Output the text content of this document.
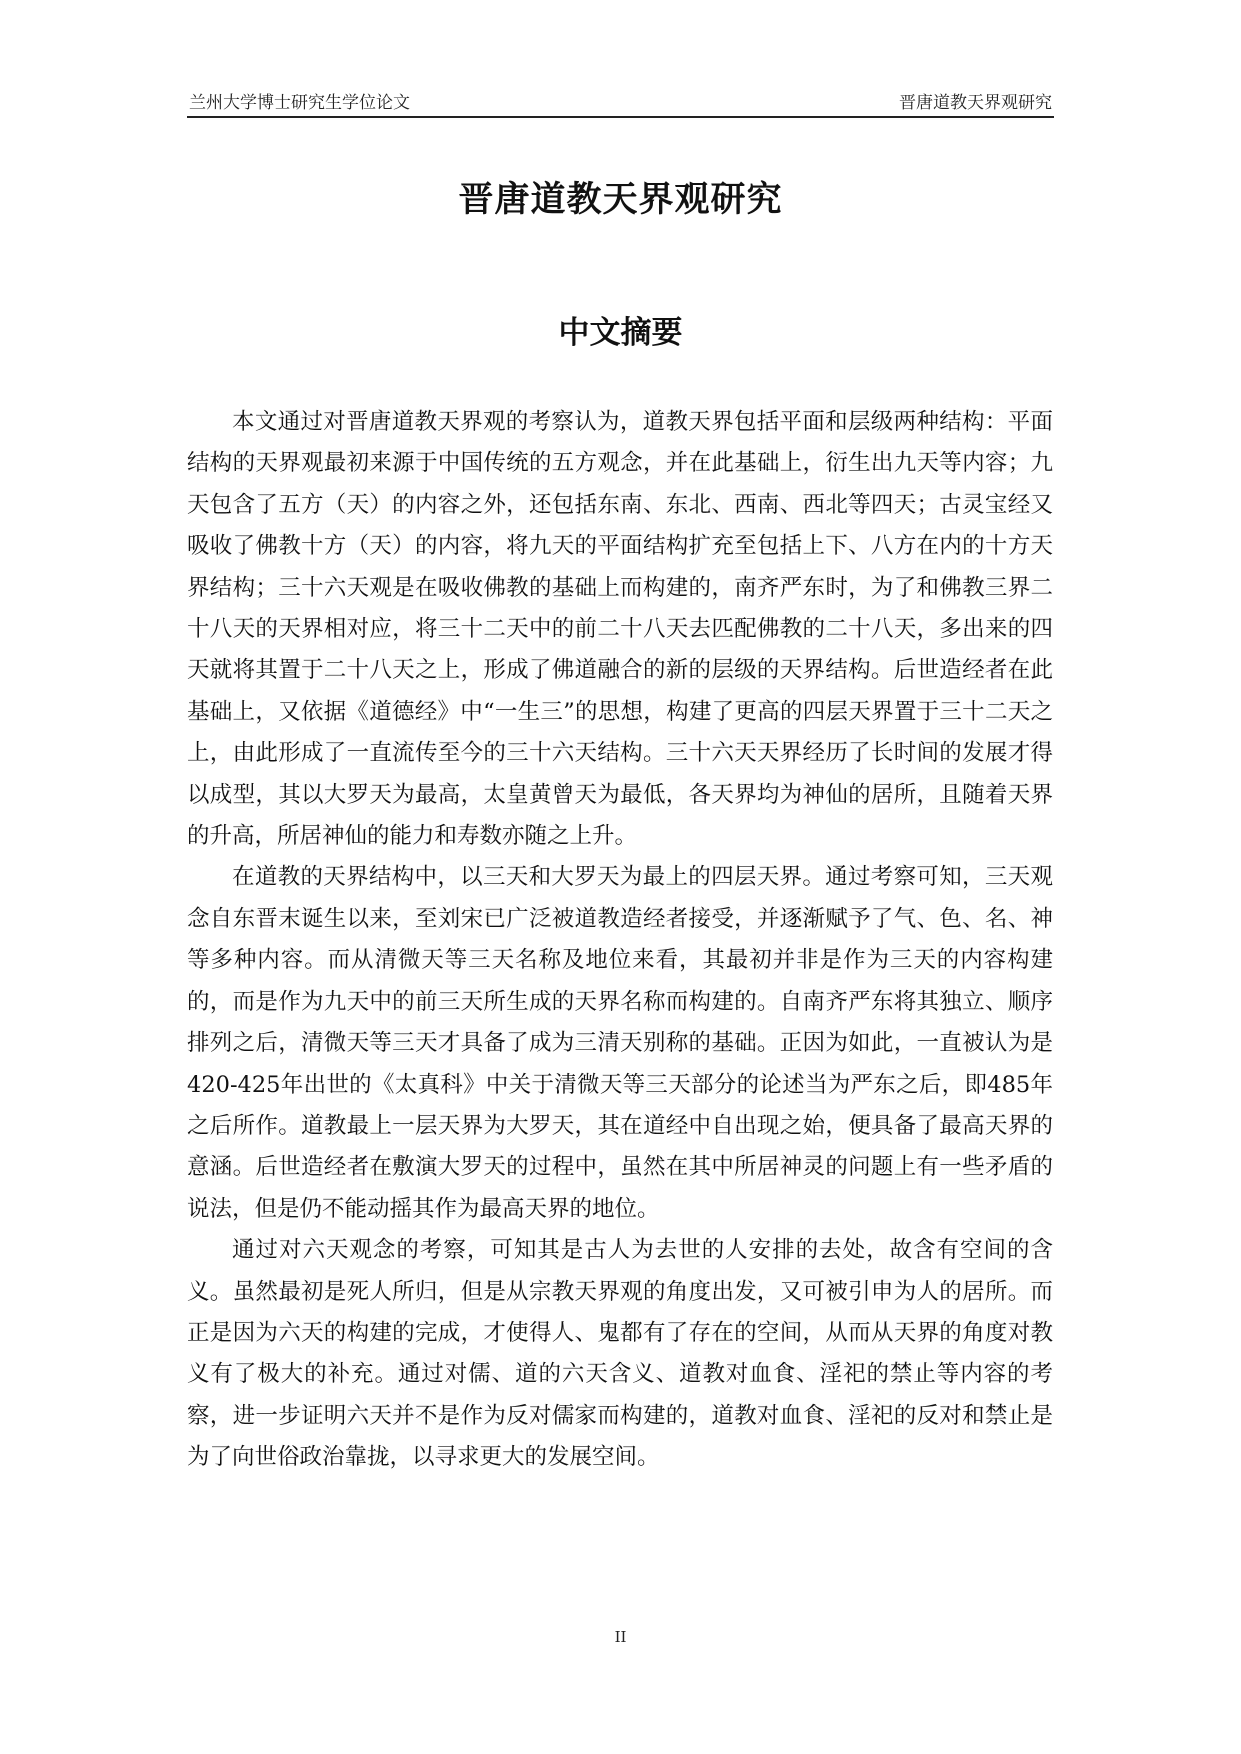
兰州大学博士研究生学位论文	晋唐道教天界观研究
晋唐道教天界观研究
中文摘要

本文通过对晋唐道教天界观的考察认为，道教天界包括平面和层级两种结构：平面结构的天界观最初来源于中国传统的五方观念，并在此基础上，衍生出九天等内容；九天包含了五方（天）的内容之外，还包括东南、东北、西南、西北等四天；古灵宝经又吸收了佛教十方（天）的内容，将九天的平面结构扩充至包括上下、八方在内的十方天界结构；三十六天观是在吸收佛教的基础上而构建的，南齐严东时，为了和佛教三界二十八天的天界相对应，将三十二天中的前二十八天去匹配佛教的二十八天，多出来的四天就将其置于二十八天之上，形成了佛道融合的新的层级的天界结构。后世造经者在此基础上，又依据《道德经》中“一生三”的思想，构建了更高的四层天界置于三十二天之上，由此形成了一直流传至今的三十六天结构。三十六天天界经历了长时间的发展才得以成型，其以大罗天为最高，太皇黄曾天为最低，各天界均为神仙的居所，且随着天界的升高，所居神仙的能力和寿数亦随之上升。

在道教的天界结构中，以三天和大罗天为最上的四层天界。通过考察可知，三天观念自东晋末诞生以来，至刘宋已广泛被道教造经者接受，并逐渐赋予了气、色、名、神等多种内容。而从清微天等三天名称及地位来看，其最初并非是作为三天的内容构建的，而是作为九天中的前三天所生成的天界名称而构建的。自南齐严东将其独立、顺序排列之后，清微天等三天才具备了成为三清天别称的基础。正因为如此，一直被认为是420-425年出世的《太真科》中关于清微天等三天部分的论述当为严东之后，即485年之后所作。道教最上一层天界为大罗天，其在道经中自出现之始，便具备了最高天界的意涵。后世造经者在敷演大罗天的过程中，虽然在其中所居神灵的问题上有一些矛盾的说法，但是仍不能动摇其作为最高天界的地位。

通过对六天观念的考察，可知其是古人为去世的人安排的去处，故含有空间的含义。虽然最初是死人所归，但是从宗教天界观的角度出发，又可被引申为人的居所。而正是因为六天的构建的完成，才使得人、鬼都有了存在的空间，从而从天界的角度对教义有了极大的补充。通过对儒、道的六天含义、道教对血食、淫祀的禁止等内容的考察，进一步证明六天并不是作为反对儒家而构建的，道教对血食、淫祀的反对和禁止是为了向世俗政治靠拢，以寻求更大的发展空间。

II
